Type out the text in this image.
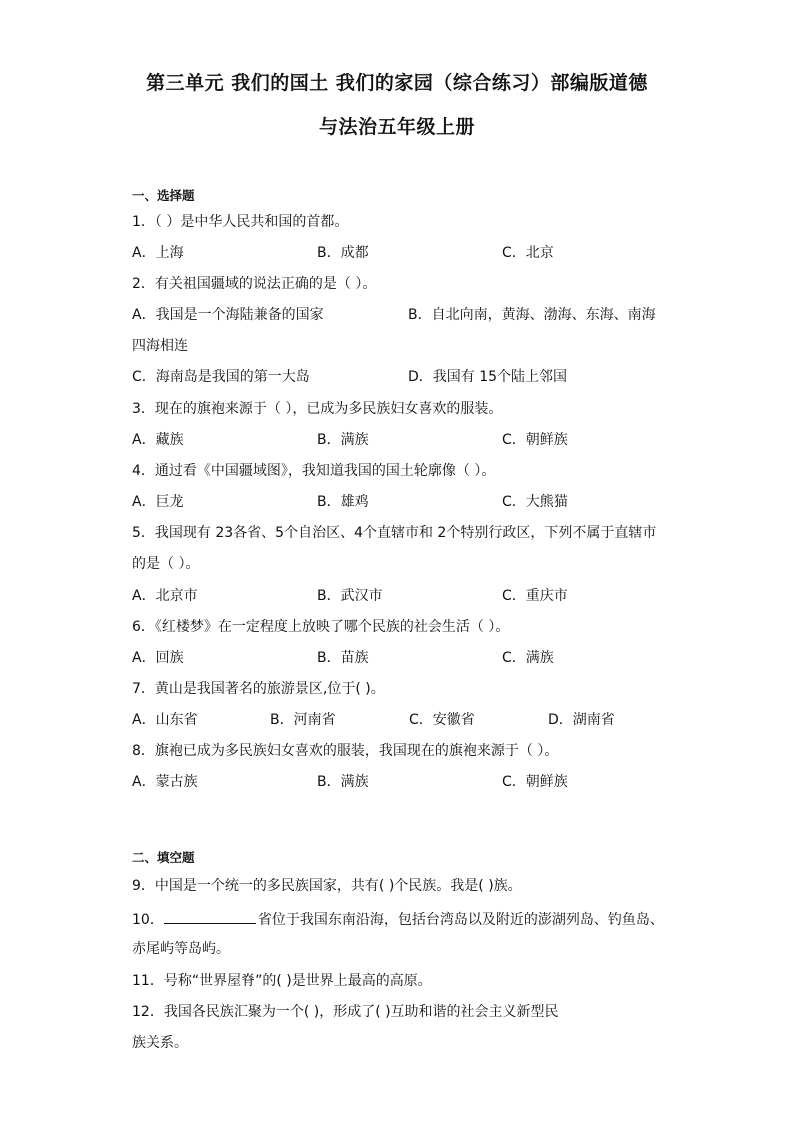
第三单元 我们的国土 我们的家园（综合练习）部编版道德
与法治五年级上册
一、选择题
1．（ ）是中华人民共和国的首都。
A．上海	B．成都	C．北京
2．有关祖国疆域的说法正确的是（ ）。
A．我国是一个海陆兼备的国家	B．自北向南，黄海、渤海、东海、南海
四海相连
C．海南岛是我国的第一大岛	D．我国有 15个陆上邻国
3．现在的旗袍来源于（ ），已成为多民族妇女喜欢的服装。
A．藏族	B．满族	C．朝鲜族
4．通过看《中国疆域图》，我知道我国的国土轮廓像（ ）。
A．巨龙	B．雄鸡	C．大熊猫
5．我国现有 23各省、5个自治区、4个直辖市和 2个特别行政区，下列不属于直辖市
的是（ ）。
A．北京市	B．武汉市	C．重庆市
6．《红楼梦》在一定程度上放映了哪个民族的社会生活（ ）。
A．回族	B．苗族	C．满族
7．黄山是我国著名的旅游景区,位于( )。
A．山东省	B．河南省	C．安徽省	D．湖南省
8．旗袍已成为多民族妇女喜欢的服装，我国现在的旗袍来源于（ ）。
A．蒙古族	B．满族	C．朝鲜族
二、填空题
9．中国是一个统一的多民族国家，共有( )个民族。我是( )族。
10．	省位于我国东南沿海，包括台湾岛以及附近的澎湖列岛、钓鱼岛、
赤尾屿等岛屿。
11．号称“世界屋脊”的( )是世界上最高的高原。
12．我国各民族汇聚为一个( )，形成了( )互助和谐的社会主义新型民
族关系。
